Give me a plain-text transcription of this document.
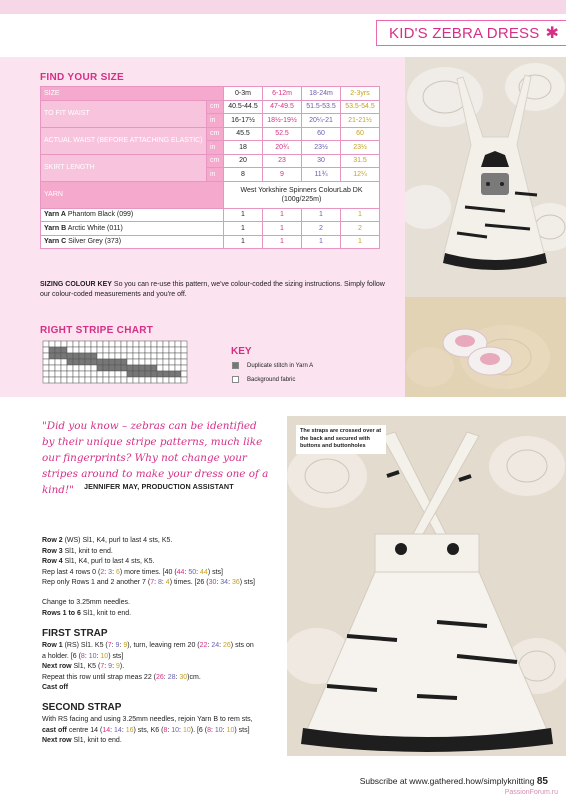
KID'S ZEBRA DRESS ✱
FIND YOUR SIZE
SIZE		0-3m	6-12m	18-24m	2-3yrs
TO FIT WAIST	cm	40.5-44.5	47-49.5	51.5-53.5	53.5-54.5
	in	16-17½	18½-19½	20¼-21	21-21½
ACTUAL WAIST (BEFORE ATTACHING ELASTIC)	cm	45.5	52.5	60	60
	in	18	20¾	23½	23½
SKIRT LENGTH	cm	20	23	30	31.5
	in	8	9	11¾	12¼
YARN		West Yorkshire Spinners ColourLab DK (100g/225m)			
Yarn A Phantom Black (099)		1	1	1	1
Yarn B Arctic White (011)		1	1	2	2
Yarn C Silver Grey (373)		1	1	1	1
SIZING COLOUR KEY So you can re-use this pattern, we've colour-coded the sizing instructions. Simply follow our colour-coded measurements and you're off.
RIGHT STRIPE CHART
KEY
Duplicate stitch in Yarn A
Background fabric
"Did you know – zebras can be identified by their unique stripe patterns, much like our fingerprints? Why not change your stripes around to make your dress one of a kind!"	JENNIFER MAY, PRODUCTION ASSISTANT
Row 2 (WS) Sl1, K4, purl to last 4 sts, K5.
Row 3 Sl1, knit to end.
Row 4 Sl1, K4, purl to last 4 sts, K5.
Rep last 4 rows 0 (2: 3: 6) more times. [40 (44: 50: 44) sts]
Rep only Rows 1 and 2 another 7 (7: 8: 4) times. [26 (30: 34: 36) sts]
Change to 3.25mm needles.
Rows 1 to 6 Sl1, knit to end.
FIRST STRAP
Row 1 (RS) Sl1. K5 (7: 9: 9), turn, leaving rem 20 (22: 24: 26) sts on
a holder. [6 (8: 10: 10) sts]
Next row Sl1, K5 (7: 9: 9).
Repeat this row until strap meas 22 (26: 28: 30)cm.
Cast off
SECOND STRAP
With RS facing and using 3.25mm needles, rejoin Yarn B to rem sts,
cast off centre 14 (14: 14: 16) sts, K6 (8: 10: 10). [6 (8: 10: 10) sts]
Next row Sl1, knit to end.
The straps are crossed over at the back and secured with buttons and buttonholes
Subscribe at www.gathered.how/simplyknitting 85
PassionForum.ru
